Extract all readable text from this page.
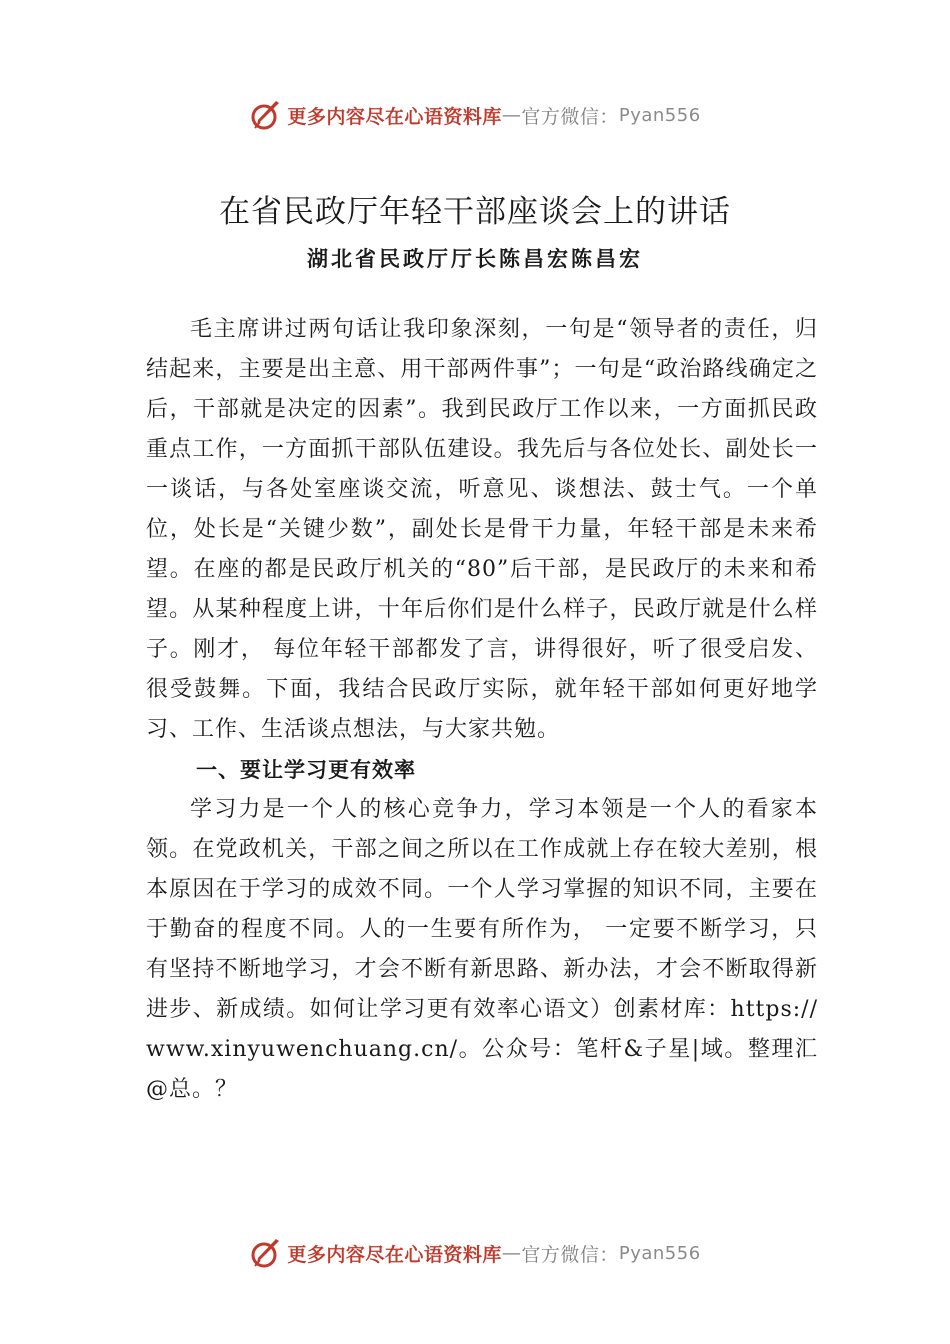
更多内容尽在心语资料库 — 官方微信： Pyan556
在省民政厅年轻干部座谈会上的讲话
湖北省民政厅厅长陈昌宏陈昌宏

毛主席讲过两句话让我印象深刻，一句是“领导者的责任，归结起来，主要是出主意、用干部两件事”；一句是“政治路线确定之后，干部就是决定的因素”。我到民政厅工作以来，一方面抓民政重点工作，一方面抓干部队伍建设。我先后与各位处长、副处长一一谈话，与各处室座谈交流，听意见、谈想法、鼓士气。一个单位，处长是“关键少数”，副处长是骨干力量，年轻干部是未来希望。在座的都是民政厅机关的“80”后干部，是民政厅的未来和希望。从某种程度上讲，十年后你们是什么样子，民政厅就是什么样子。刚才， 每位年轻干部都发了言，讲得很好，听了很受启发、很受鼓舞。下面，我结合民政厅实际，就年轻干部如何更好地学习、工作、生活谈点想法，与大家共勉。

一、要让学习更有效率

学习力是一个人的核心竞争力，学习本领是一个人的看家本领。在党政机关，干部之间之所以在工作成就上存在较大差别，根本原因在于学习的成效不同。一个人学习掌握的知识不同，主要在于勤奋的程度不同。人的一生要有所作为， 一定要不断学习，只有坚持不断地学习，才会不断有新思路、新办法，才会不断取得新进步、新成绩。如何让学习更有效率心语文）创素材库：https://www.xinyuwenchuang.cn/。公众号：笔杆&子星|域。整理汇@总。？

更多内容尽在心语资料库 — 官方微信： Pyan556
